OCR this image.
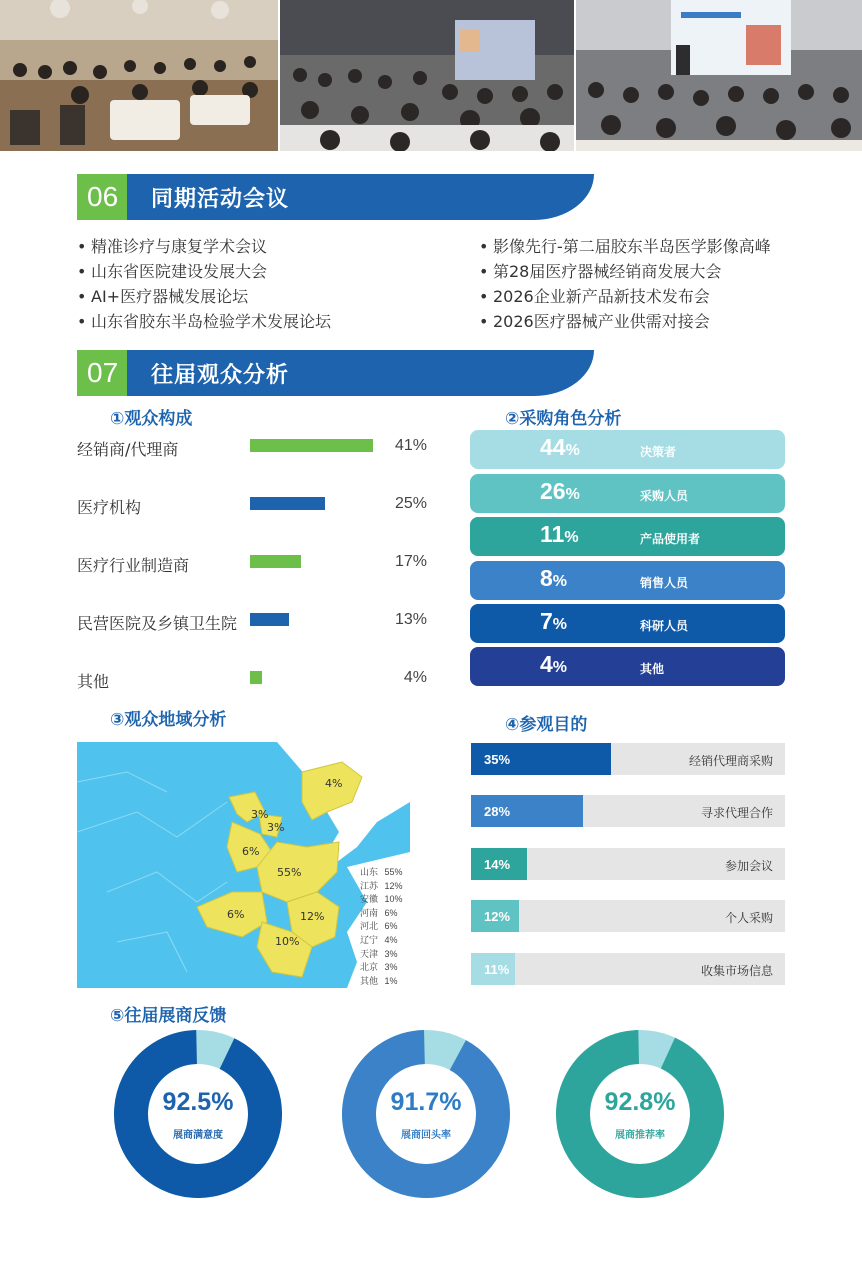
06	同期活动会议
• 精准诊疗与康复学术会议
• 山东省医院建设发展大会
• AI+医疗器械发展论坛
• 山东省胶东半岛检验学术发展论坛
• 影像先行-第二届胶东半岛医学影像高峰
• 第28届医疗器械经销商发展大会
• 2026企业新产品新技术发布会
• 2026医疗器械产业供需对接会
07	往届观众分析
①观众构成
经销商/代理商	41%
医疗机构	25%
医疗行业制造商	17%
民营医院及乡镇卫生院	13%
其他	4%
②采购角色分析
44%	决策者
26%	采购人员
11%	产品使用者
8%	销售人员
7%	科研人员
4%	其他
③观众地域分析
4%
3%
3%
6%
55%
6%	12%
10%
山东 55%
江苏 12%
安徽 10%
河南 6%
河北 6%
辽宁 4%
天津 3%
北京 3%
其他 1%
④参观目的
35%	经销代理商采购
28%	寻求代理合作
14%	参加会议
12%	个人采购
11%	收集市场信息
⑤往届展商反馈
92.5%
展商满意度
91.7%
展商回头率
92.8%
展商推荐率
